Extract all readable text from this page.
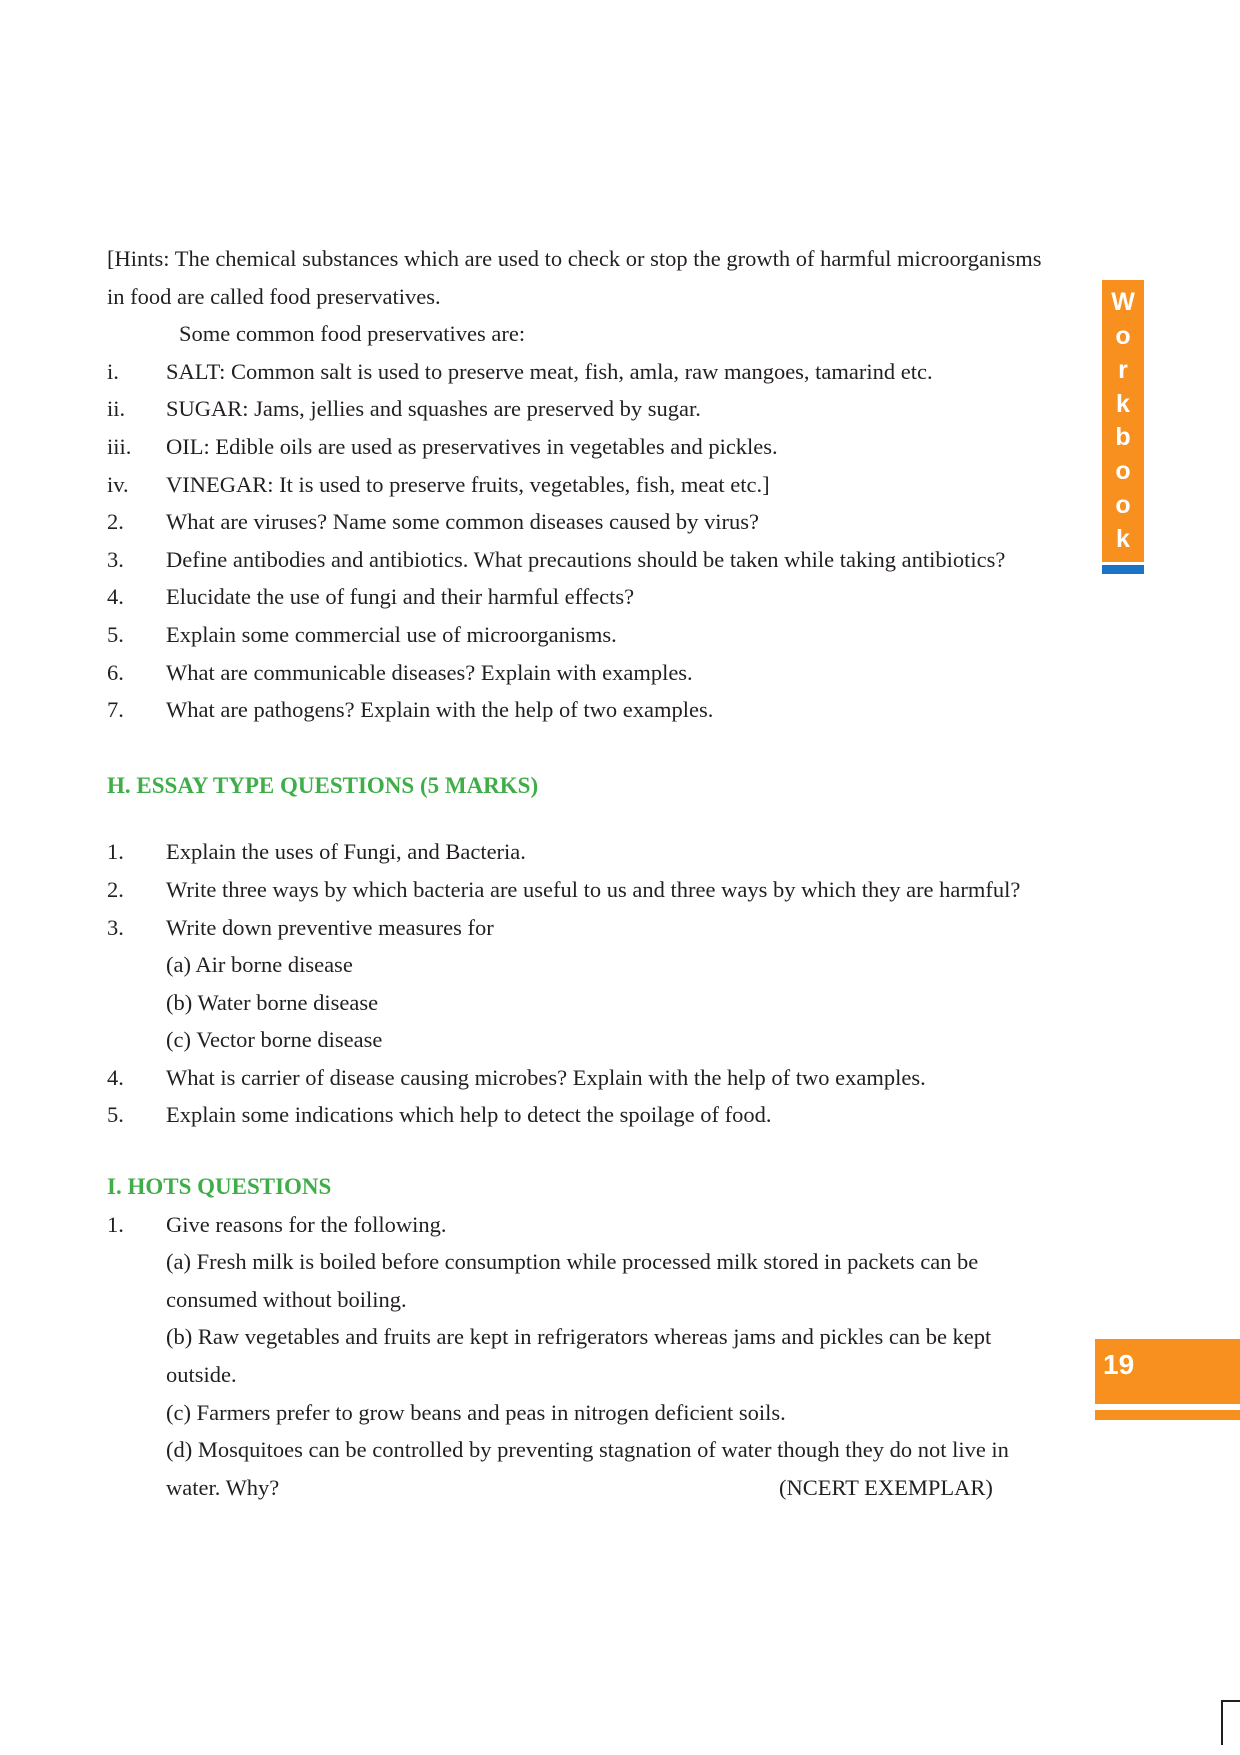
[Hints: The chemical substances which are used to check or stop the growth of harmful microorganisms
in food are called food preservatives.
Some common food preservatives are:
i. SALT: Common salt is used to preserve meat, fish, amla, raw mangoes, tamarind etc.
ii. SUGAR: Jams, jellies and squashes are preserved by sugar.
iii. OIL: Edible oils are used as preservatives in vegetables and pickles.
iv. VINEGAR: It is used to preserve fruits, vegetables, fish, meat etc.]
2. What are viruses? Name some common diseases caused by virus?
3. Define antibodies and antibiotics. What precautions should be taken while taking antibiotics?
4. Elucidate the use of fungi and their harmful effects?
5. Explain some commercial use of microorganisms.
6. What are communicable diseases? Explain with examples.
7. What are pathogens? Explain with the help of two examples.
H. ESSAY TYPE QUESTIONS (5 MARKS)
1. Explain the uses of Fungi, and Bacteria.
2. Write three ways by which bacteria are useful to us and three ways by which they are harmful?
3. Write down preventive measures for
(a) Air borne disease
(b) Water borne disease
(c) Vector borne disease
4. What is carrier of disease causing microbes? Explain with the help of two examples.
5. Explain some indications which help to detect the spoilage of food.
I. HOTS QUESTIONS
1. Give reasons for the following.
(a) Fresh milk is boiled before consumption while processed milk stored in packets can be
consumed without boiling.
(b) Raw vegetables and fruits are kept in refrigerators whereas jams and pickles can be kept
outside.
(c) Farmers prefer to grow beans and peas in nitrogen deficient soils.
(d) Mosquitoes can be controlled by preventing stagnation of water though they do not live in
water. Why?	(NCERT EXEMPLAR)
W
o
r
k
b
o
o
k
19
